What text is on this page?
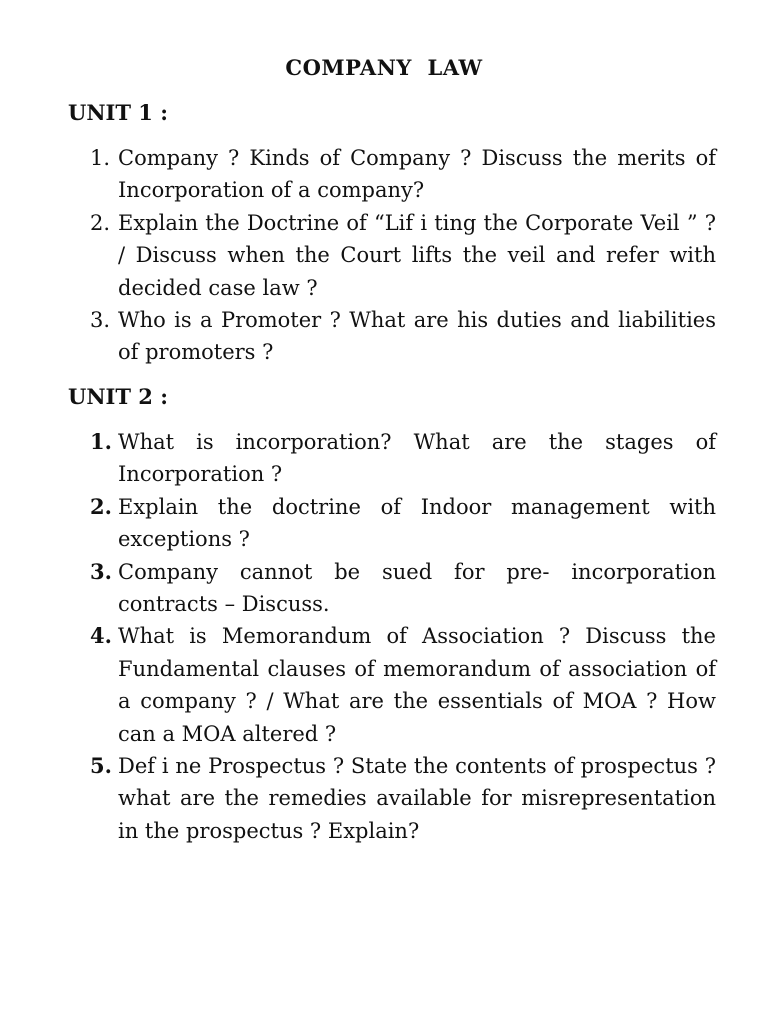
COMPANY  LAW
UNIT 1 :
1. Company ? Kinds of Company ? Discuss the merits of Incorporation of a company?
2. Explain the Doctrine of “Lif i ting the Corporate Veil ” ? / Discuss when the Court lifts the veil and refer with decided case law ?
3. Who is a Promoter ? What are his duties and liabilities of promoters ?
UNIT 2 :
1. What is incorporation? What are the stages of Incorporation ?
2. Explain the doctrine of Indoor management with exceptions ?
3. Company cannot be sued for pre- incorporation contracts – Discuss.
4. What is Memorandum of Association ? Discuss the Fundamental clauses of memorandum of association of a company ? / What are the essentials of MOA ? How can a MOA altered ?
5. Def i ne Prospectus ? State the contents of prospectus ? what are the remedies available for misrepresentation in the prospectus ? Explain?
